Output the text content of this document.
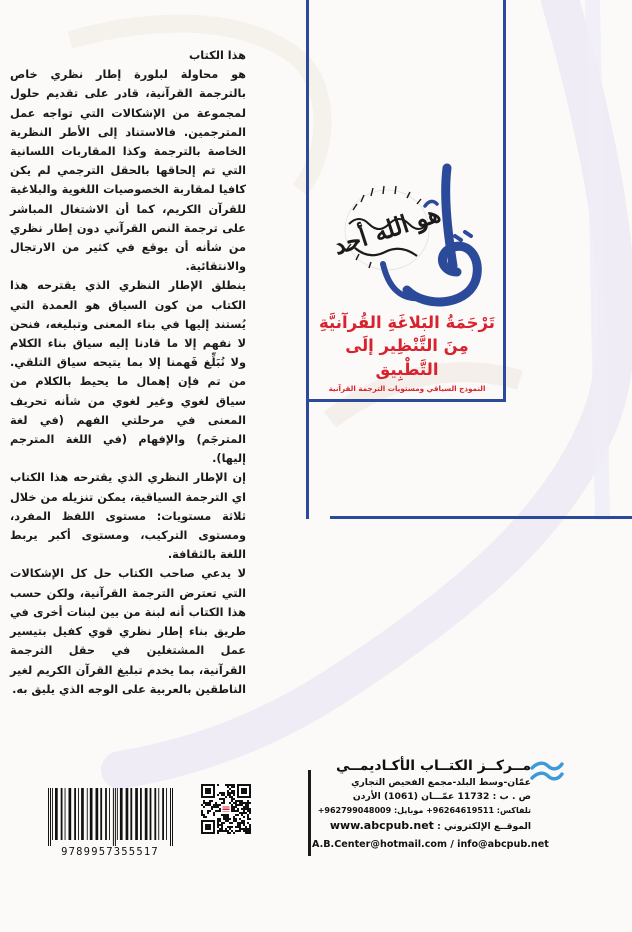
هذا الكتاب

هو محاولة لبلورة إطار نظري خاص بالترجمة القرآنية، قادر على تقديم حلول لمجموعة من الإشكالات التي تواجه عمل المترجمين. فالاستناد إلى الأطر النظرية الخاصة بالترجمة وكذا المقاربات اللسانية التي تم إلحاقها بالحقل الترجمي لم يكن كافيا لمقاربة الخصوصيات اللغوية والبلاغية للقرآن الكريم، كما أن الاشتغال المباشر على ترجمة النص القرآني دون إطار نظري من شأنه أن يوقع في كثير من الارتجال والانتقائية.

ينطلق الإطار النظري الذي يقترحه هذا الكتاب من كون السياق هو العمدة التي يُستند إليها في بناء المعنى وتبليغه، فنحن لا نفهم إلا ما قادنا إليه سياق بناء الكلام ولا نُبَلِّغ فَهمنا إلا بما يتيحه سياق التلقي. من تم فإن إهمال ما يحيط بالكلام من سياق لغوي وغير لغوي من شأنه تحريف المعنى في مرحلتي الفهم (في لغة المترجَم) والإفهام (في اللغة المترجم إليها).

إن الإطار النظري الذي يقترحه هذا الكتاب اي الترجمة السياقية، يمكن تنزيله من خلال ثلاثة مستويات: مستوى اللفظ المفرد، ومستوى التركيب، ومستوى أكبر يربط اللغة بالثقافة.

لا يدعي صاحب الكتاب حل كل الإشكالات التي تعترض الترجمة القرآنية، ولكن حسب هذا الكتاب أنه لبنة من بين لبنات أخرى في طريق بناء إطار نظري قوي كفيل بتيسير عمل المشتغلين في حقل الترجمة القرآنية، بما يخدم تبليغ القرآن الكريم لغير الناطقين بالعربية على الوجه الذي يليق به.

هو الله أحد
تَرْجَمَةُ البَلاغَةِ القُرآنيَّةِ
مِنَ التَّنْظِير إلَى التَّطْبِيق
النموذج السياقي ومستويات الترجمة القرآنية
9789957355517
مــركــز الكتــاب الأكـاديمــي
عمّان-وسط البلد-مجمع الفحيص التجاري
ص . ب : 11732 عمّـــان (1061) الأردن
تلفاكس: 96264619511+ موبايل: 962799048009+
الموقــع الإلكتروني : www.abcpub.net
A.B.Center@hotmail.com / info@abcpub.net
